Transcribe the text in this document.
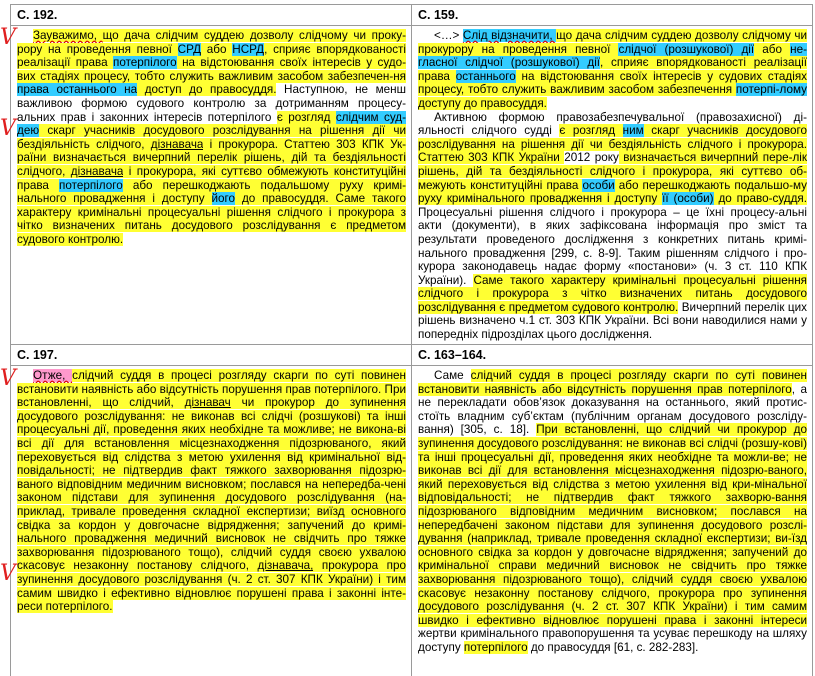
С. 192.

Зауважимо, що дача слідчим суддею дозволу слідчому чи проку-рору на проведення певної СРД або НСРД, сприяє впорядкованості реалізації права потерпілого на відстоювання своїх інтересів у судо-вих стадіях процесу, тобто служить важливим засобом забезпечен-ня права останнього на доступ до правосуддя. Наступною, не менш важливою формою судового контролю за дотриманням процесу-альних прав і законних інтересів потерпілого є розгляд слідчим суд-дею скарг учасників досудового розслідування на рішення дії чи бездіяльність слідчого, дізнавача і прокурора. Статтею 303 КПК Ук-раїни визначається вичерпний перелік рішень, дій та бездіяльності слідчого, дізнавача і прокурора, які суттєво обмежують конституційні права потерпілого або перешкоджають подальшому руху кримі-нального провадження і доступу його до правосуддя. Саме такого характеру кримінальні процесуальні рішення слідчого і прокурора з чітко визначених питань досудового розслідування є предметом судового контролю.

С. 159.

<…> Слід відзначити, що дача слідчим суддею дозволу слідчому чи прокурору на проведення певної слідчої (розшукової) дії або не-гласної слідчої (розшукової) дії, сприяє впорядкованості реалізації права останнього на відстоювання своїх інтересів у судових стадіях процесу, тобто служить важливим засобом забезпечення потерпі-лому доступу до правосуддя.

Активною формою правозабезпечувальної (правозахисної) ді-яльності слідчого судді є розгляд ним скарг учасників досудового розслідування на рішення дії чи бездіяльність слідчого і прокурора. Статтею 303 КПК України 2012 року визначається вичерпний пере-лік рішень, дій та бездіяльності слідчого і прокурора, які суттєво об-межують конституційні права особи або перешкоджають подальшо-му руху кримінального провадження і доступу її (особи) до право-суддя. Процесуальні рішення слідчого і прокурора – це їхні процесу-альні акти (документи), в яких зафіксована інформація про зміст та результати проведеного дослідження з конкретних питань кримі-нального провадження [299, с. 8-9]. Таким рішенням слідчого і про-курора законодавець надає форму «постанови» (ч. 3 ст. 110 КПК України). Саме такого характеру кримінальні процесуальні рішення слідчого і прокурора з чітко визначених питань досудового розслідування є предметом судового контролю. Вичерпний перелік цих рішень визначено ч.1 ст. 303 КПК України. Всі вони наводилися нами у попередніх підрозділах цього дослідження.

С. 197.

Отже, слідчий суддя в процесі розгляду скарги по суті повинен встановити наявність або відсутність порушення прав потерпілого. При встановленні, що слідчий, дізнавач чи прокурор до зупинення досудового розслідування: не виконав всі слідчі (розшукові) та інші процесуальні дії, проведення яких необхідне та можливе; не викона-ві всі дії для встановлення місцезнаходження підозрюваного, який переховується від слідства з метою ухилення від кримінальної від-повідальності; не підтвердив факт тяжкого захворювання підозрю-ваного відповідним медичним висновком; послався на непередба-чені законом підстави для зупинення досудового розслідування (на-приклад, тривале проведення складної експертизи; виїзд основного свідка за кордон у довгочасне відрядження; запучений до кримі-нального провадження медичний висновок не свідчить про тяжке захворювання підозрюваного тощо), слідчий суддя своєю ухвалою скасовує незаконну постанову слідчого, дізнавача, прокурора про зупинення досудового розслідування (ч. 2 ст. 307 КПК України) і тим самим швидко і ефективно відновлює порушені права і законні інте-реси потерпілого.

С. 163–164.

Саме слідчий суддя в процесі розгляду скарги по суті повинен встановити наявність або відсутність порушення прав потерпілого, а не перекладати обов’язок доказування на останнього, який протис-стоїть владним суб’єктам (публічним органам досудового розсліду-вання) [305, с. 18]. При встановленні, що слідчий чи прокурор до зупинення досудового розслідування: не виконав всі слідчі (розшу-кові) та інші процесуальні дії, проведення яких необхідне та можли-ве; не виконав всі дії для встановлення місцезнаходження підозрю-ваного, який переховується від слідства з метою ухилення від кри-мінальної відповідальності; не підтвердив факт тяжкого захворю-вання підозрюваного відповідним медичним висновком; послався на непередбачені законом підстави для зупинення досудового розслі-дування (наприклад, тривале проведення складної експертизи; ви-їзд основного свідка за кордон у довгочасне відрядження; запучений до кримінальної справи медичний висновок не свідчить про тяжке захворювання підозрюваного тощо), слідчий суддя своєю ухвалою скасовує незаконну постанову слідчого, прокурора про зупинення досудового розслідування (ч. 2 ст. 307 КПК України) і тим самим швидко і ефективно відновлює порушені права і законні інтереси жертви кримінального правопорушення та усуває перешкоду на шляху доступу потерпілого до правосуддя [61, с. 282-283].

V
V
V
V
